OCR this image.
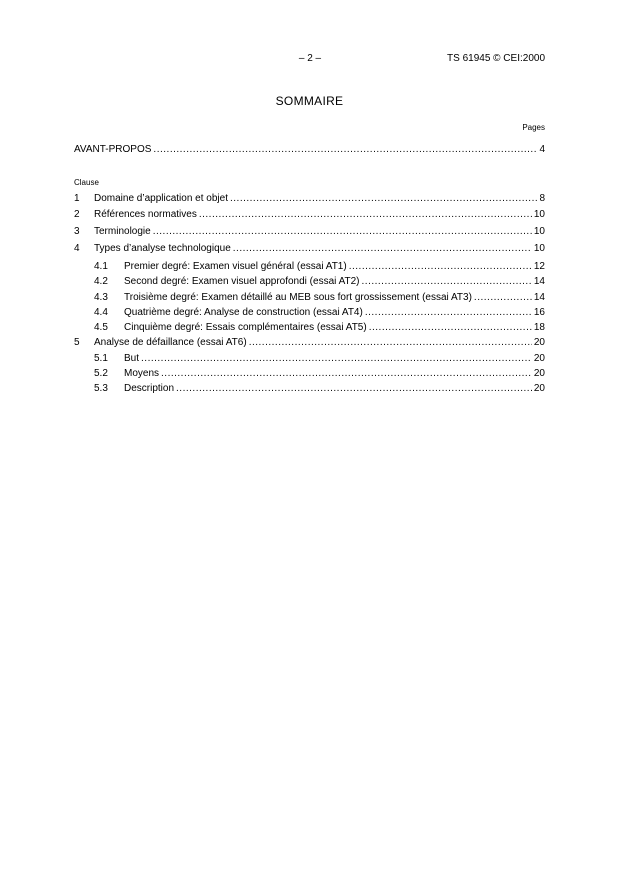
– 2 –	TS 61945 © CEI:2000
SOMMAIRE
Pages
AVANT-PROPOS .....	4
Clause
1	Domaine d’application et objet .....	8
2	Références normatives .....	10
3	Terminologie .....	10
4	Types d’analyse technologique .....	10
4.1	Premier degré: Examen visuel général (essai AT1) .....	12
4.2	Second degré: Examen visuel approfondi (essai AT2) .....	14
4.3	Troisième degré: Examen détaillé au MEB sous fort grossissement (essai AT3) .....	14
4.4	Quatrième degré: Analyse de construction (essai AT4) .....	16
4.5	Cinquième degré: Essais complémentaires (essai AT5) .....	18
5	Analyse de défaillance (essai AT6) .....	20
5.1	But .....	20
5.2	Moyens .....	20
5.3	Description .....	20
